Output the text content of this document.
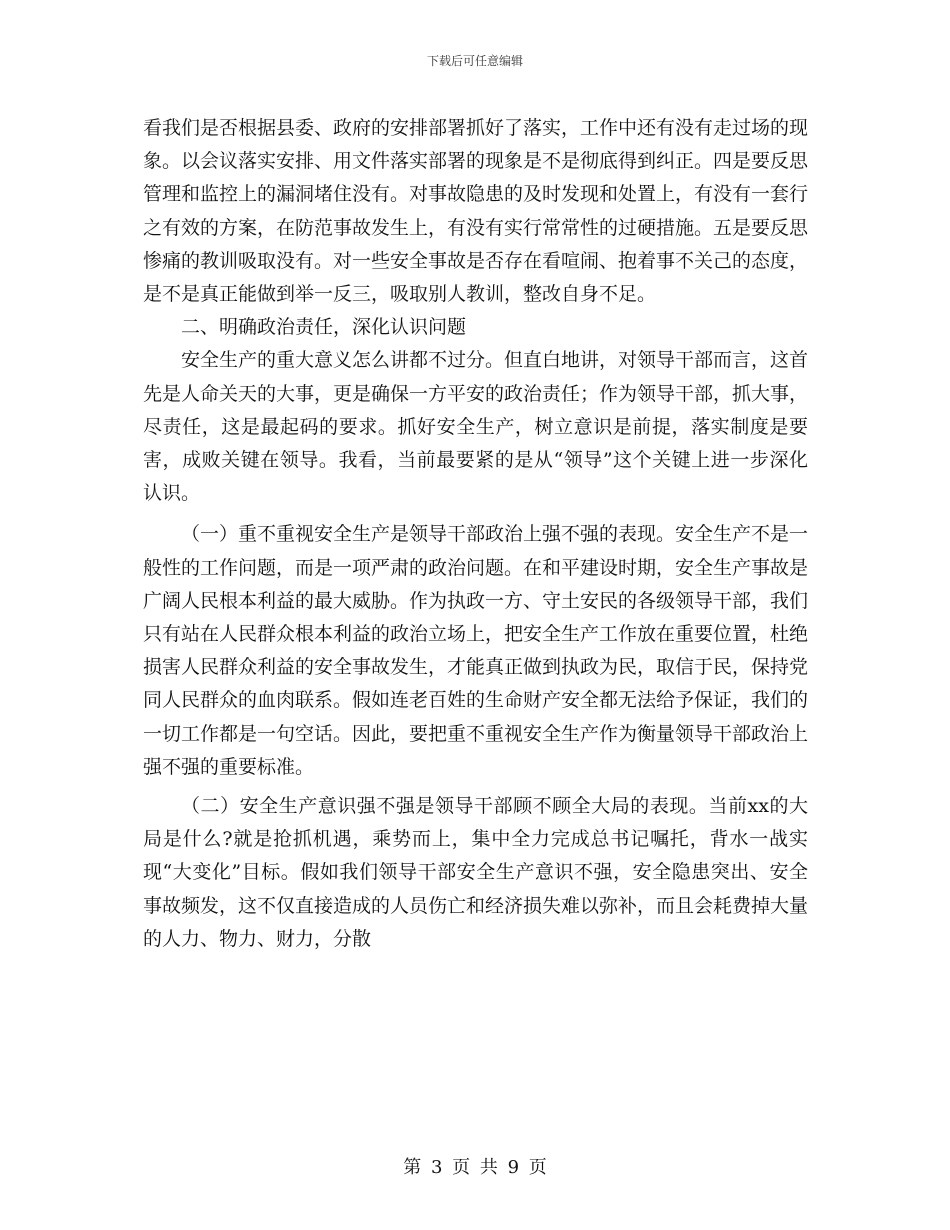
下载后可任意编辑

看我们是否根据县委、政府的安排部署抓好了落实，工作中还有没有走过场的现象。以会议落实安排、用文件落实部署的现象是不是彻底得到纠正。四是要反思管理和监控上的漏洞堵住没有。对事故隐患的及时发现和处置上，有没有一套行之有效的方案，在防范事故发生上，有没有实行常常性的过硬措施。五是要反思惨痛的教训吸取没有。对一些安全事故是否存在看喧闹、抱着事不关己的态度，是不是真正能做到举一反三，吸取别人教训，整改自身不足。

二、明确政治责任，深化认识问题

安全生产的重大意义怎么讲都不过分。但直白地讲，对领导干部而言，这首先是人命关天的大事，更是确保一方平安的政治责任；作为领导干部，抓大事，尽责任，这是最起码的要求。抓好安全生产，树立意识是前提，落实制度是要害，成败关键在领导。我看，当前最要紧的是从“领导”这个关键上进一步深化认识。

（一）重不重视安全生产是领导干部政治上强不强的表现。安全生产不是一般性的工作问题，而是一项严肃的政治问题。在和平建设时期，安全生产事故是广阔人民根本利益的最大威胁。作为执政一方、守土安民的各级领导干部，我们只有站在人民群众根本利益的政治立场上，把安全生产工作放在重要位置，杜绝损害人民群众利益的安全事故发生，才能真正做到执政为民，取信于民，保持党同人民群众的血肉联系。假如连老百姓的生命财产安全都无法给予保证，我们的一切工作都是一句空话。因此，要把重不重视安全生产作为衡量领导干部政治上强不强的重要标准。

（二）安全生产意识强不强是领导干部顾不顾全大局的表现。当前xx的大局是什么?就是抢抓机遇，乘势而上，集中全力完成总书记嘱托，背水一战实现“大变化”目标。假如我们领导干部安全生产意识不强，安全隐患突出、安全事故频发，这不仅直接造成的人员伤亡和经济损失难以弥补，而且会耗费掉大量的人力、物力、财力，分散

第 3 页 共 9 页
